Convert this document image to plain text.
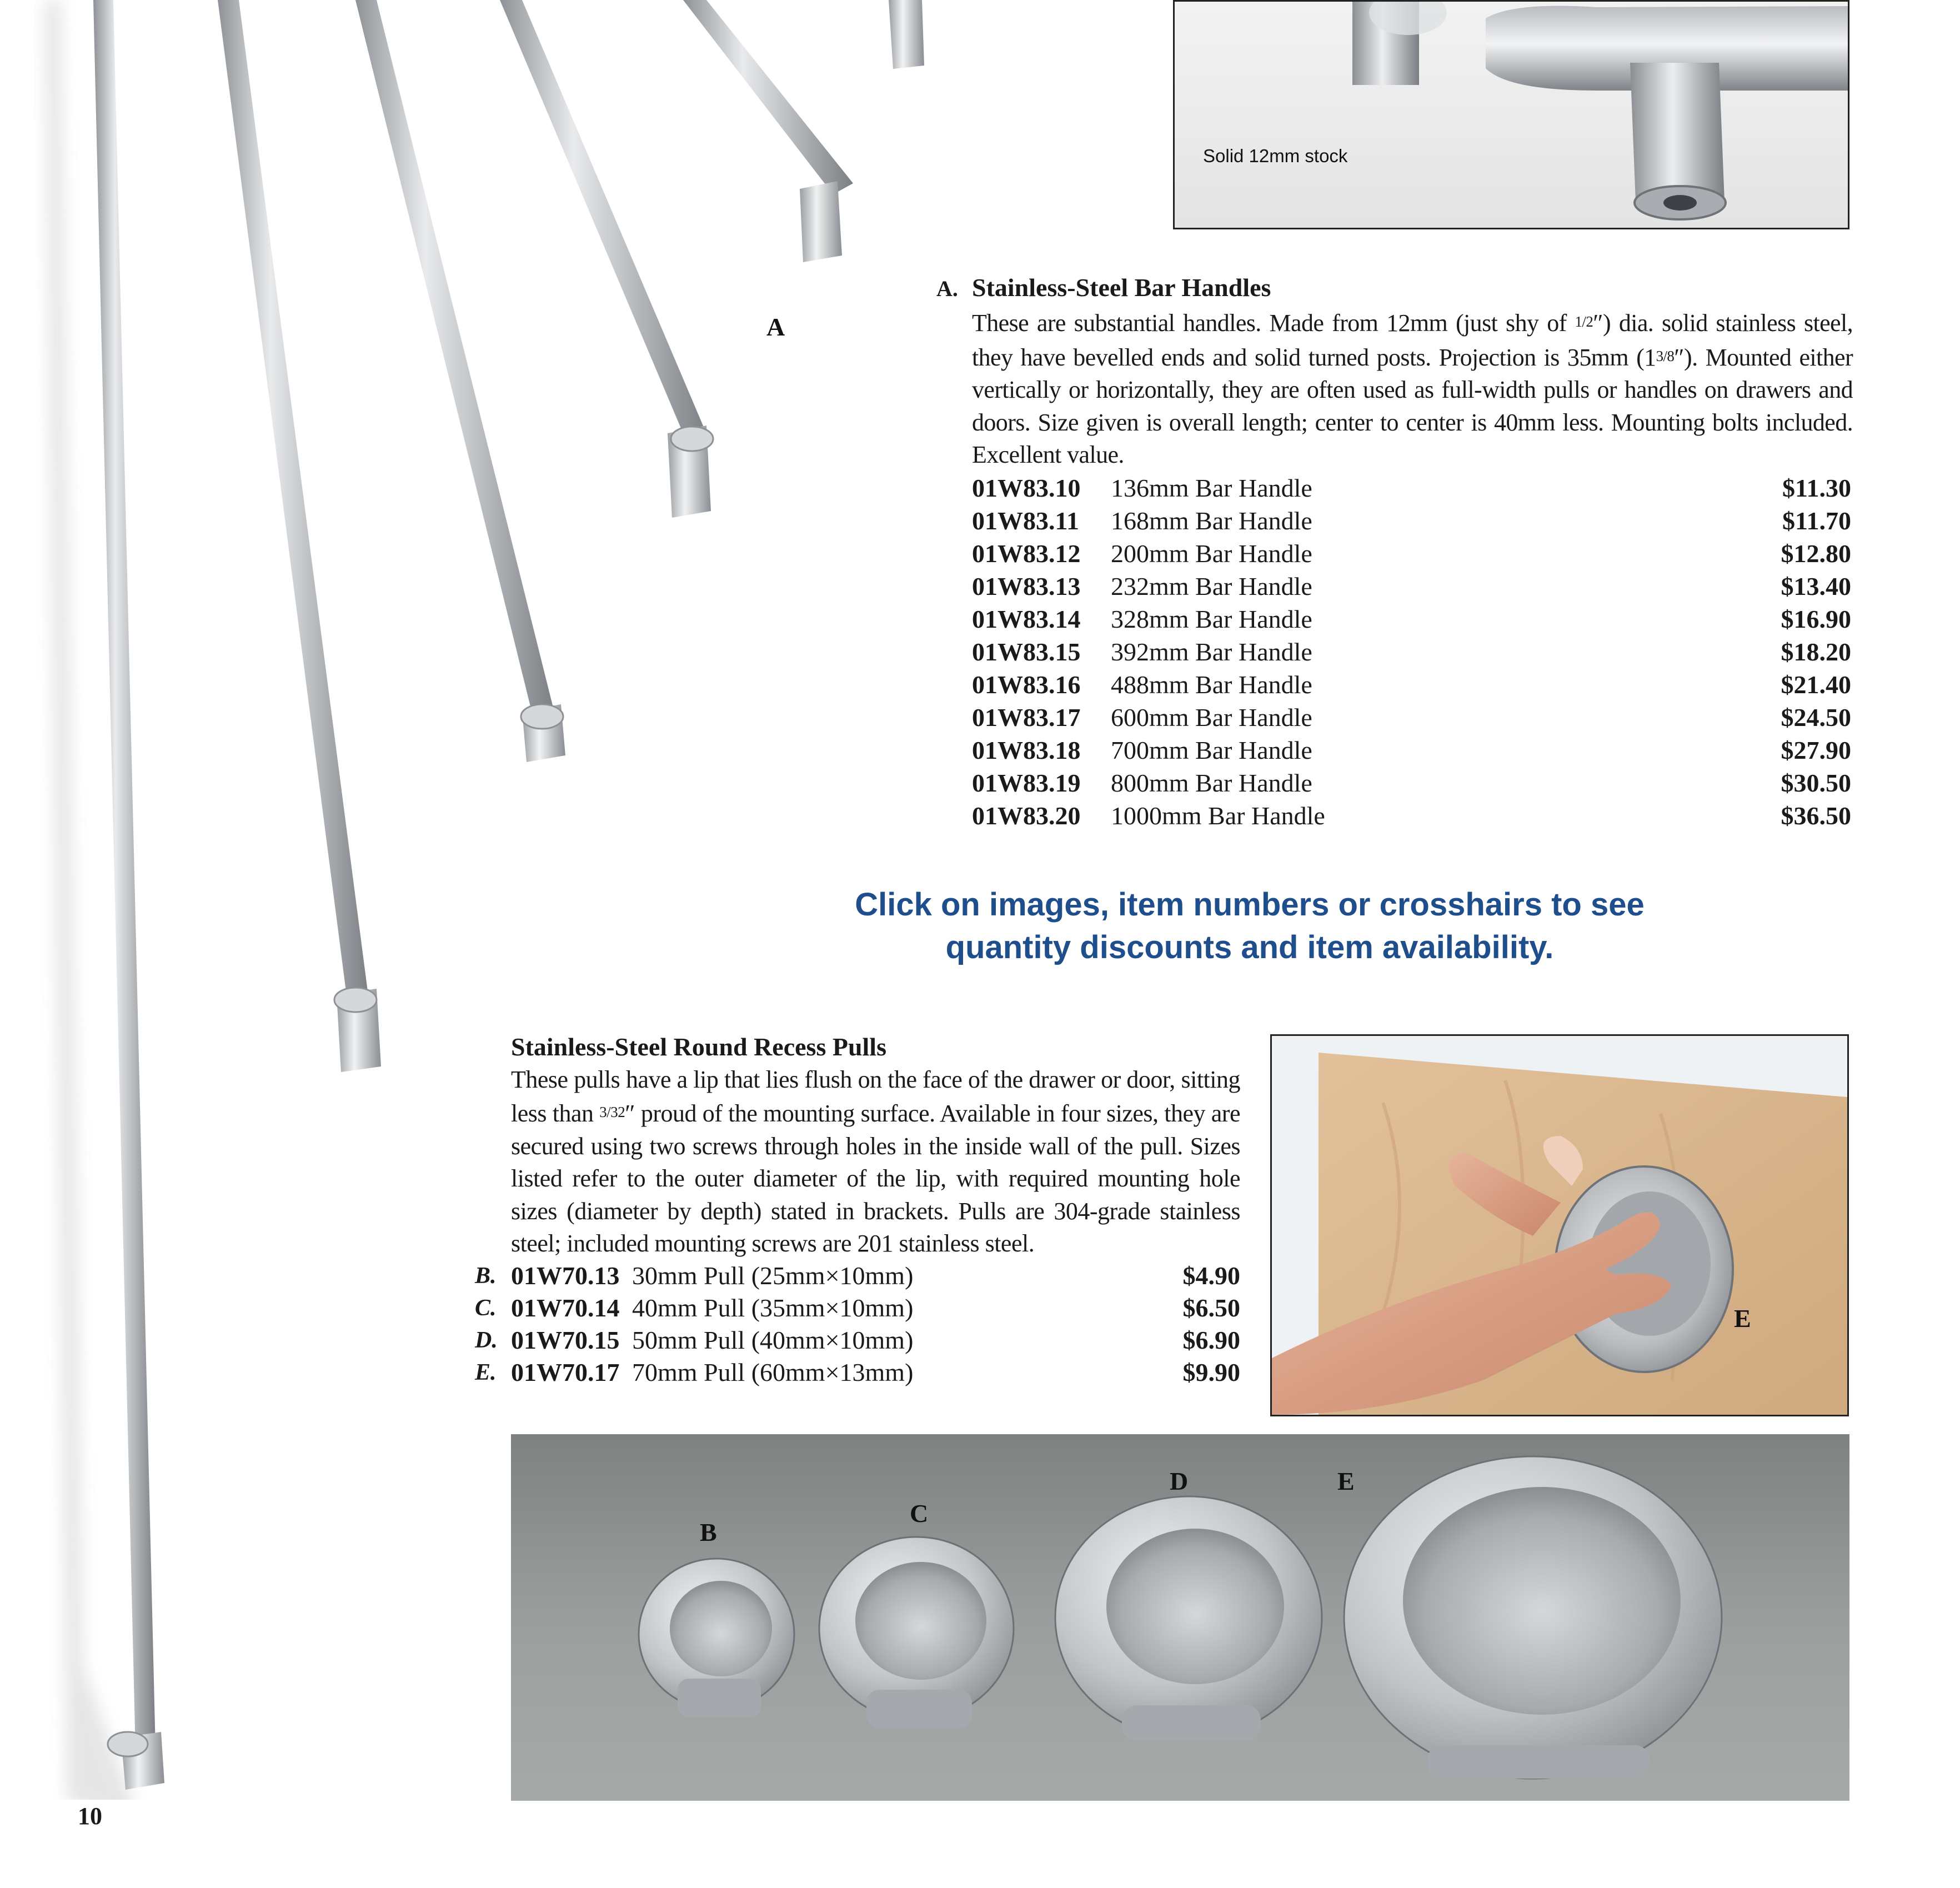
A
Solid 12mm stock
A. Stainless-Steel Bar Handles
These are substantial handles. Made from 12mm (just shy of 1/2″) dia. solid stainless steel, they have bevelled ends and solid turned posts. Projection is 35mm (13/8″). Mounted either vertically or horizontally, they are often used as full-width pulls or handles on drawers and doors. Size given is overall length; center to center is 40mm less. Mounting bolts included. Excellent value.
01W83.10	136mm Bar Handle	$11.30
01W83.11	168mm Bar Handle	$11.70
01W83.12	200mm Bar Handle	$12.80
01W83.13	232mm Bar Handle	$13.40
01W83.14	328mm Bar Handle	$16.90
01W83.15	392mm Bar Handle	$18.20
01W83.16	488mm Bar Handle	$21.40
01W83.17	600mm Bar Handle	$24.50
01W83.18	700mm Bar Handle	$27.90
01W83.19	800mm Bar Handle	$30.50
01W83.20	1000mm Bar Handle	$36.50
Click on images, item numbers or crosshairs to see
quantity discounts and item availability.
Stainless-Steel Round Recess Pulls
These pulls have a lip that lies flush on the face of the drawer or door, sitting less than 3/32″ proud of the mounting surface. Available in four sizes, they are secured using two screws through holes in the inside wall of the pull. Sizes listed refer to the outer diameter of the lip, with required mounting hole sizes (diameter by depth) stated in brackets. Pulls are 304-grade stainless steel; included mounting screws are 201 stainless steel.
B.	01W70.13	30mm Pull (25mm×10mm)	$4.90
C.	01W70.14	40mm Pull (35mm×10mm)	$6.50
D.	01W70.15	50mm Pull (40mm×10mm)	$6.90
E.	01W70.17	70mm Pull (60mm×13mm)	$9.90
E
B
C
D	E
10
